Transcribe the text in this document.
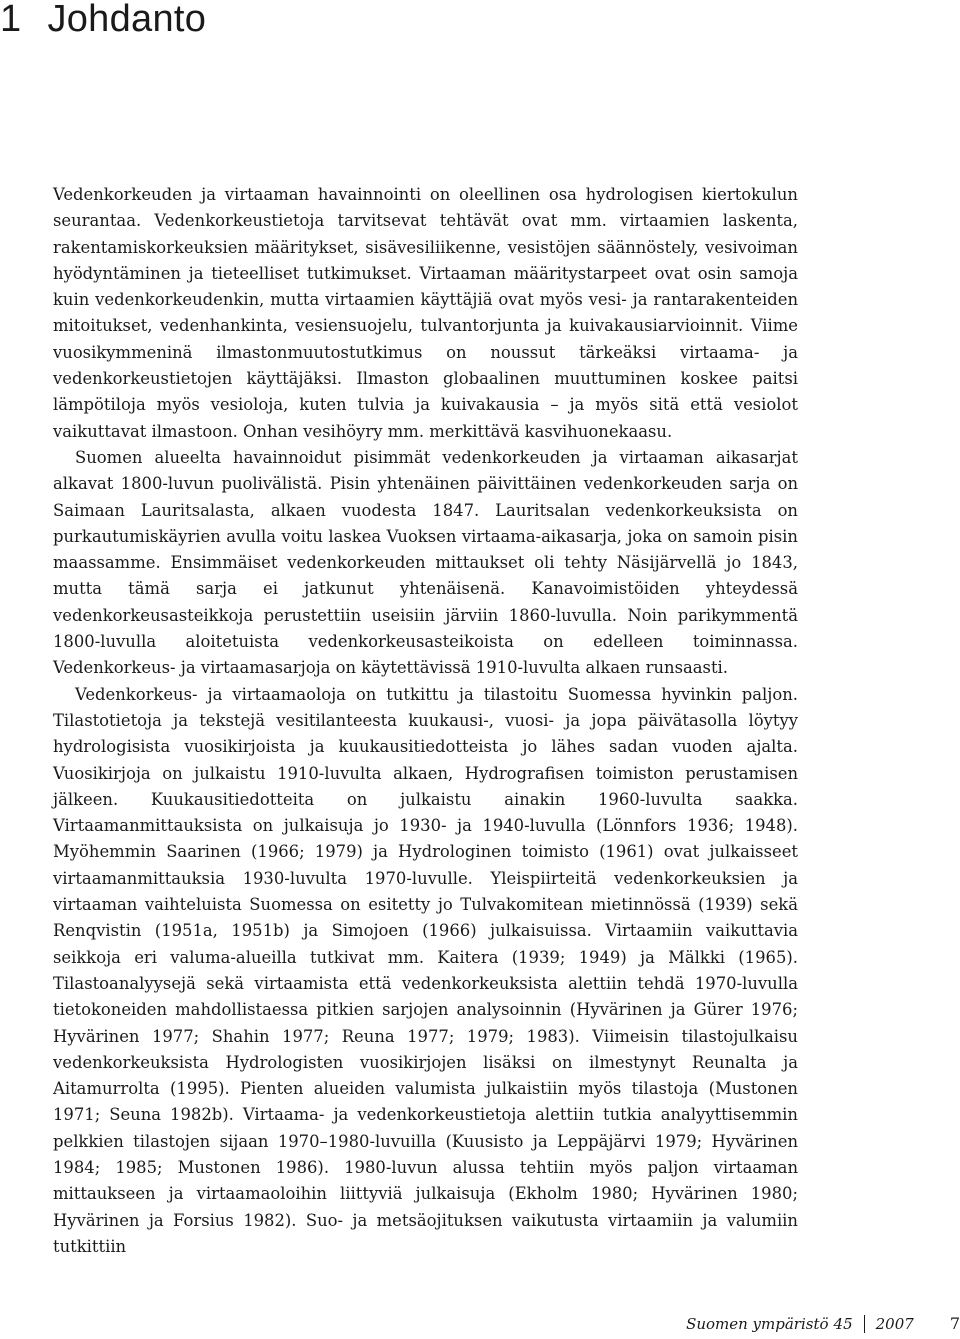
1 Johdanto

Vedenkorkeuden ja virtaaman havainnointi on oleellinen osa hydrologisen kiertokulun seurantaa. Vedenkorkeustietoja tarvitsevat tehtävät ovat mm. virtaamien laskenta, rakentamiskorkeuksien määritykset, sisävesiliikenne, vesistöjen säännöstely, vesivoiman hyödyntäminen ja tieteelliset tutkimukset. Virtaaman määritystarpeet ovat osin samoja kuin vedenkorkeudenkin, mutta virtaamien käyttäjiä ovat myös vesi- ja rantarakenteiden mitoitukset, vedenhankinta, vesiensuojelu, tulvantorjunta ja kuivakausiarvioinnit. Viime vuosikymmeninä ilmastonmuutostutkimus on noussut tärkeäksi virtaama- ja vedenkorkeustietojen käyttäjäksi. Ilmaston globaalinen muuttuminen koskee paitsi lämpötiloja myös vesioloja, kuten tulvia ja kuivakausia – ja myös sitä että vesiolot vaikuttavat ilmastoon. Onhan vesihöyry mm. merkittävä kasvihuonekaasu.

Suomen alueelta havainnoidut pisimmät vedenkorkeuden ja virtaaman aikasarjat alkavat 1800-luvun puolivälistä. Pisin yhtenäinen päivittäinen vedenkorkeuden sarja on Saimaan Lauritsalasta, alkaen vuodesta 1847. Lauritsalan vedenkorkeuksista on purkautumiskäyrien avulla voitu laskea Vuoksen virtaama-aikasarja, joka on samoin pisin maassamme. Ensimmäiset vedenkorkeuden mittaukset oli tehty Näsijärvellä jo 1843, mutta tämä sarja ei jatkunut yhtenäisenä. Kanavoimistöiden yhteydessä vedenkorkeusasteikkoja perustettiin useisiin järviin 1860-luvulla. Noin parikymmentä 1800-luvulla aloitetuista vedenkorkeusasteikoista on edelleen toiminnassa. Vedenkorkeus- ja virtaamasarjoja on käytettävissä 1910-luvulta alkaen runsaasti.

Vedenkorkeus- ja virtaamaoloja on tutkittu ja tilastoitu Suomessa hyvinkin paljon. Tilastotietoja ja tekstejä vesitilanteesta kuukausi-, vuosi- ja jopa päivätasolla löytyy hydrologisista vuosikirjoista ja kuukausitiedotteista jo lähes sadan vuoden ajalta. Vuosikirjoja on julkaistu 1910-luvulta alkaen, Hydrografisen toimiston perustamisen jälkeen. Kuukausitiedotteita on julkaistu ainakin 1960-luvulta saakka. Virtaamanmittauksista on julkaisuja jo 1930- ja 1940-luvulla (Lönnfors 1936; 1948). Myöhemmin Saarinen (1966; 1979) ja Hydrologinen toimisto (1961) ovat julkaisseet virtaamanmittauksia 1930-luvulta 1970-luvulle. Yleispiirteitä vedenkorkeuksien ja virtaaman vaihteluista Suomessa on esitetty jo Tulvakomitean mietinnössä (1939) sekä Renqvistin (1951a, 1951b) ja Simojoen (1966) julkaisuissa. Virtaamiin vaikuttavia seikkoja eri valuma-alueilla tutkivat mm. Kaitera (1939; 1949) ja Mälkki (1965). Tilastoanalyysejä sekä virtaamista että vedenkorkeuksista alettiin tehdä 1970-luvulla tietokoneiden mahdollistaessa pitkien sarjojen analysoinnin (Hyvärinen ja Gürer 1976; Hyvärinen 1977; Shahin 1977; Reuna 1977; 1979; 1983). Viimeisin tilastojulkaisu vedenkorkeuksista Hydrologisten vuosikirjojen lisäksi on ilmestynyt Reunalta ja Aitamurrolta (1995). Pienten alueiden valumista julkaistiin myös tilastoja (Mustonen 1971; Seuna 1982b). Virtaama- ja vedenkorkeustietoja alettiin tutkia analyyttisemmin pelkkien tilastojen sijaan 1970–1980-luvuilla (Kuusisto ja Leppäjärvi 1979; Hyvärinen 1984; 1985; Mustonen 1986). 1980-luvun alussa tehtiin myös paljon virtaaman mittaukseen ja virtaamaoloihin liittyviä julkaisuja (Ekholm 1980; Hyvärinen 1980; Hyvärinen ja Forsius 1982). Suo- ja metsäojituksen vaikutusta virtaamiin ja valumiin tutkittiin

Suomen ympäristö 45 2007 7
